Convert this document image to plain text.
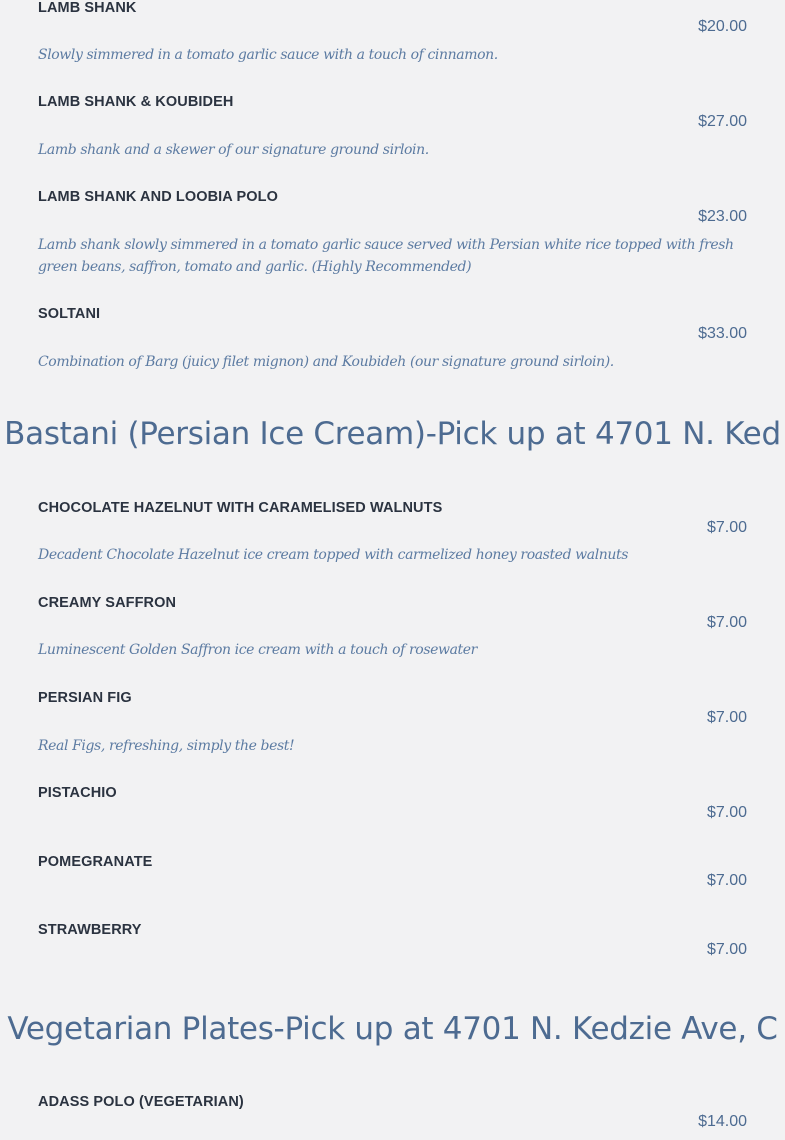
LAMB SHANK
$20.00
Slowly simmered in a tomato garlic sauce with a touch of cinnamon.
LAMB SHANK & KOUBIDEH
$27.00
Lamb shank and a skewer of our signature ground sirloin.
LAMB SHANK AND LOOBIA POLO
$23.00
Lamb shank slowly simmered in a tomato garlic sauce served with Persian white rice topped with fresh green beans, saffron, tomato and garlic. (Highly Recommended)
SOLTANI
$33.00
Combination of Barg (juicy filet mignon) and Koubideh (our signature ground sirloin).
Bastani (Persian Ice Cream)-Pick up at 4701 N. Ked
CHOCOLATE HAZELNUT WITH CARAMELISED WALNUTS
$7.00
Decadent Chocolate Hazelnut ice cream topped with carmelized honey roasted walnuts
CREAMY SAFFRON
$7.00
Luminescent Golden Saffron ice cream with a touch of rosewater
PERSIAN FIG
$7.00
Real Figs, refreshing, simply the best!
PISTACHIO
$7.00
POMEGRANATE
$7.00
STRAWBERRY
$7.00
Vegetarian Plates-Pick up at 4701 N. Kedzie Ave, C
ADASS POLO (VEGETARIAN)
$14.00
